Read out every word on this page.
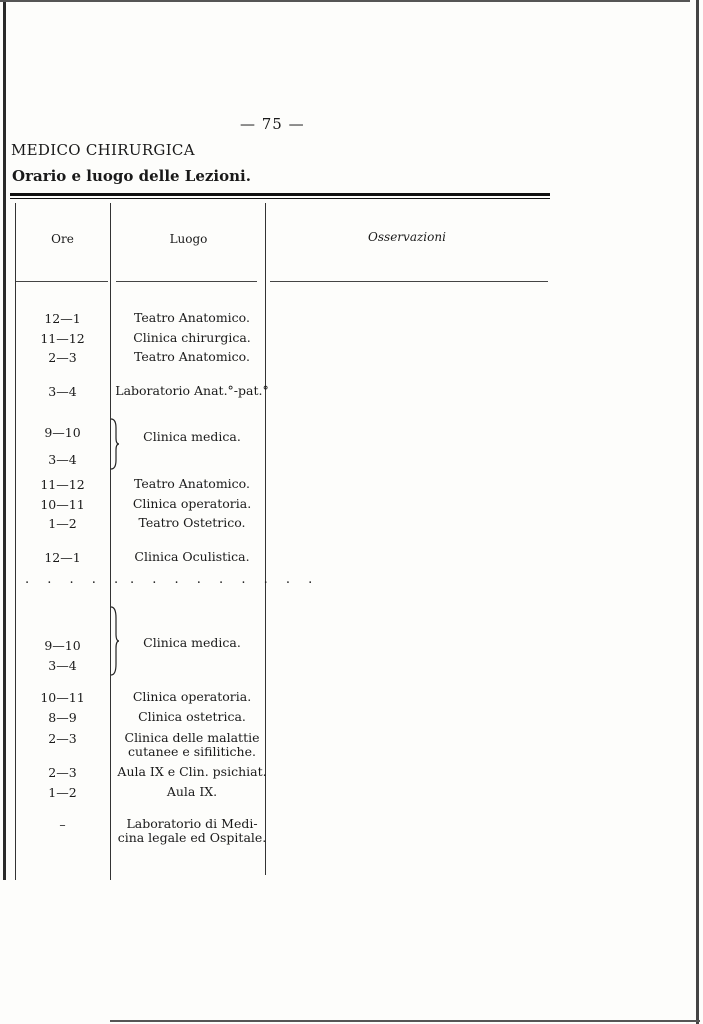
— 75 —
MEDICO CHIRURGICA
Orario e luogo delle Lezioni.
Ore	Luogo	Osservazioni
12—1	Teatro Anatomico.
11—12	Clinica chirurgica.
2—3	Teatro Anatomico.
3—4	Laboratorio Anat.°-pat.°
9—10	Clinica medica.
3—4
11—12	Teatro Anatomico.
10—11	Clinica operatoria.
1—2	Teatro Ostetrico.
12—1	Clinica Oculistica.
. . . . . . . . . . . . . .
9—10	Clinica medica.
3—4
10—11	Clinica operatoria.
8—9	Clinica ostetrica.
2—3	Clinica delle malattie
cutanee e sifilitiche.
2—3	Aula IX e Clin. psichiat.
1—2	Aula IX.
–	Laboratorio di Medi-
cina legale ed Ospitale.
